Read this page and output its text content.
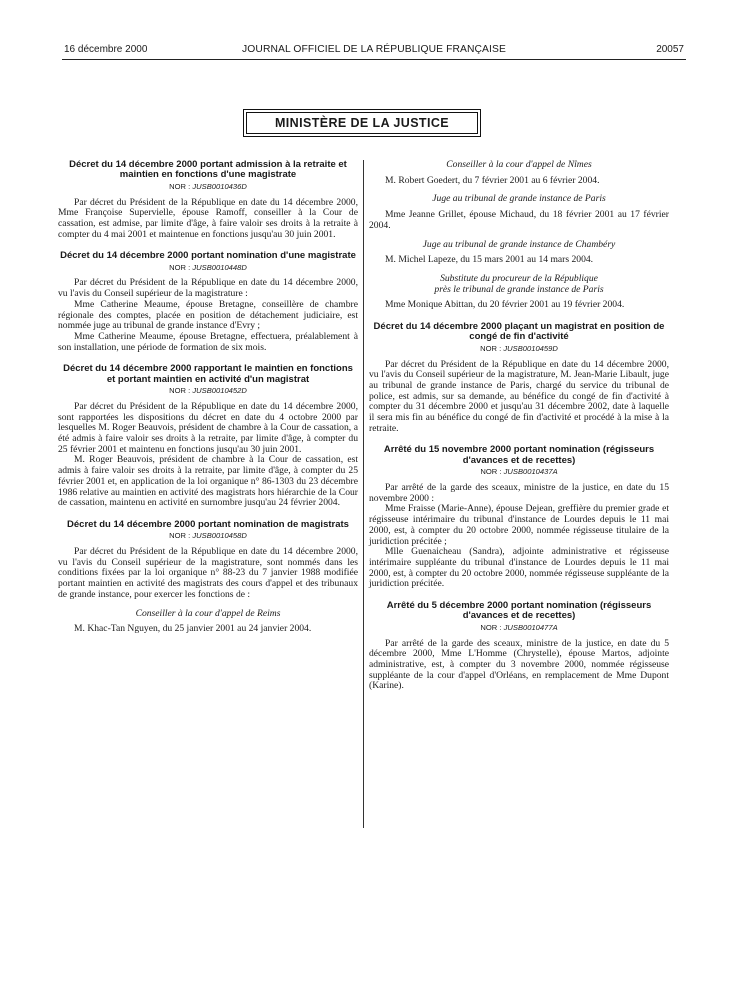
16 décembre 2000	JOURNAL OFFICIEL DE LA RÉPUBLIQUE FRANÇAISE	20057
MINISTÈRE DE LA JUSTICE

Décret du 14 décembre 2000 portant admission à la retraite et maintien en fonctions d'une magistrate

NOR : JUSB0010436D

Par décret du Président de la République en date du 14 décembre 2000, Mme Françoise Supervielle, épouse Ramoff, conseiller à la Cour de cassation, est admise, par limite d'âge, à faire valoir ses droits à la retraite à compter du 4 mai 2001 et maintenue en fonctions jusqu'au 30 juin 2001.

Décret du 14 décembre 2000 portant nomination d'une magistrate

NOR : JUSB0010448D

Par décret du Président de la République en date du 14 décembre 2000, vu l'avis du Conseil supérieur de la magistrature :

Mme Catherine Meaume, épouse Bretagne, conseillère de chambre régionale des comptes, placée en position de détachement judiciaire, est nommée juge au tribunal de grande instance d'Evry ;

Mme Catherine Meaume, épouse Bretagne, effectuera, préalablement à son installation, une période de formation de six mois.

Décret du 14 décembre 2000 rapportant le maintien en fonctions et portant maintien en activité d'un magistrat

NOR : JUSB0010452D

Par décret du Président de la République en date du 14 décembre 2000, sont rapportées les dispositions du décret en date du 4 octobre 2000 par lesquelles M. Roger Beauvois, président de chambre à la Cour de cassation, a été admis à faire valoir ses droits à la retraite, par limite d'âge, à compter du 25 février 2001 et maintenu en fonctions jusqu'au 30 juin 2001.

M. Roger Beauvois, président de chambre à la Cour de cassation, est admis à faire valoir ses droits à la retraite, par limite d'âge, à compter du 25 février 2001 et, en application de la loi organique n° 86-1303 du 23 décembre 1986 relative au maintien en activité des magistrats hors hiérarchie de la Cour de cassation, maintenu en activité en surnombre jusqu'au 24 février 2004.

Décret du 14 décembre 2000 portant nomination de magistrats

NOR : JUSB0010458D

Par décret du Président de la République en date du 14 décembre 2000, vu l'avis du Conseil supérieur de la magistrature, sont nommés dans les conditions fixées par la loi organique n° 88-23 du 7 janvier 1988 modifiée portant maintien en activité des magistrats des cours d'appel et des tribunaux de grande instance, pour exercer les fonctions de :

Conseiller à la cour d'appel de Reims

M. Khac-Tan Nguyen, du 25 janvier 2001 au 24 janvier 2004.

Conseiller à la cour d'appel de Nîmes

M. Robert Goedert, du 7 février 2001 au 6 février 2004.

Juge au tribunal de grande instance de Paris

Mme Jeanne Grillet, épouse Michaud, du 18 février 2001 au 17 février 2004.

Juge au tribunal de grande instance de Chambéry

M. Michel Lapeze, du 15 mars 2001 au 14 mars 2004.

Substitute du procureur de la République

près le tribunal de grande instance de Paris

Mme Monique Abittan, du 20 février 2001 au 19 février 2004.

Décret du 14 décembre 2000 plaçant un magistrat en position de congé de fin d'activité

NOR : JUSB0010459D

Par décret du Président de la République en date du 14 décembre 2000, vu l'avis du Conseil supérieur de la magistrature, M. Jean-Marie Libault, juge au tribunal de grande instance de Paris, chargé du service du tribunal de police, est admis, sur sa demande, au bénéfice du congé de fin d'activité à compter du 31 décembre 2000 et jusqu'au 31 décembre 2002, date à laquelle il sera mis fin au bénéfice du congé de fin d'activité et procédé à la mise à la retraite.

Arrêté du 15 novembre 2000 portant nomination (régisseurs d'avances et de recettes)

NOR : JUSB0010437A

Par arrêté de la garde des sceaux, ministre de la justice, en date du 15 novembre 2000 :

Mme Fraisse (Marie-Anne), épouse Dejean, greffière du premier grade et régisseuse intérimaire du tribunal d'instance de Lourdes depuis le 11 mai 2000, est, à compter du 20 octobre 2000, nommée régisseuse titulaire de la juridiction précitée ;

Mlle Guenaicheau (Sandra), adjointe administrative et régisseuse intérimaire suppléante du tribunal d'instance de Lourdes depuis le 11 mai 2000, est, à compter du 20 octobre 2000, nommée régisseuse suppléante de la juridiction précitée.

Arrêté du 5 décembre 2000 portant nomination (régisseurs d'avances et de recettes)

NOR : JUSB0010477A

Par arrêté de la garde des sceaux, ministre de la justice, en date du 5 décembre 2000, Mme L'Homme (Chrystelle), épouse Martos, adjointe administrative, est, à compter du 3 novembre 2000, nommée régisseuse suppléante de la cour d'appel d'Orléans, en remplacement de Mme Dupont (Karine).
